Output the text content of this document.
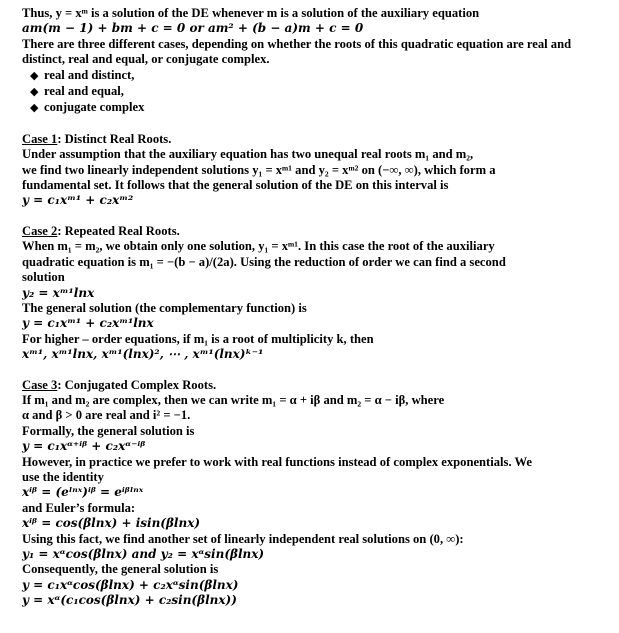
Thus, y = xᵐ is a solution of the DE whenever m is a solution of the auxiliary equation
am(m − 1) + bm + c = 0 or am² + (b − a)m + c = 0
There are three different cases, depending on whether the roots of this quadratic equation are real and
distinct, real and equal, or conjugate complex.
◆ real and distinct,
◆ real and equal,
◆ conjugate complex
Case 1: Distinct Real Roots.
Under assumption that the auxiliary equation has two unequal real roots m₁ and m₂,
we find two linearly independent solutions y₁ = xᵐ¹ and y₂ = xᵐ² on (−∞, ∞), which form a
fundamental set. It follows that the general solution of the DE on this interval is
y = c₁xᵐ¹ + c₂xᵐ²
Case 2: Repeated Real Roots.
When m₁ = m₂, we obtain only one solution, y₁ = xᵐ¹. In this case the root of the auxiliary
quadratic equation is m₁ = −(b − a)/(2a). Using the reduction of order we can find a second
solution
y₂ = xᵐ¹lnx
The general solution (the complementary function) is
y = c₁xᵐ¹ + c₂xᵐ¹lnx
For higher – order equations, if m₁ is a root of multiplicity k, then
xᵐ¹, xᵐ¹lnx, xᵐ¹(lnx)², ⋯ , xᵐ¹(lnx)ᵏ⁻¹
Case 3: Conjugated Complex Roots.
If m₁ and m₂ are complex, then we can write m₁ = α + iβ and m₂ = α − iβ, where
α and β > 0 are real and i² = −1.
Formally, the general solution is
y = c₁xᵅ⁺ⁱᵝ + c₂xᵅ⁻ⁱᵝ
However, in practice we prefer to work with real functions instead of complex exponentials. We
use the identity
xⁱᵝ = (eˡⁿˣ)ⁱᵝ = eⁱᵝˡⁿˣ
and Euler’s formula:
xⁱᵝ = cos(βlnx) + isin(βlnx)
Using this fact, we find another set of linearly independent real solutions on (0, ∞):
y₁ = xᵅcos(βlnx) and y₂ = xᵅsin(βlnx)
Consequently, the general solution is
y = c₁xᵅcos(βlnx) + c₂xᵅsin(βlnx)
y = xᵅ(c₁cos(βlnx) + c₂sin(βlnx))
